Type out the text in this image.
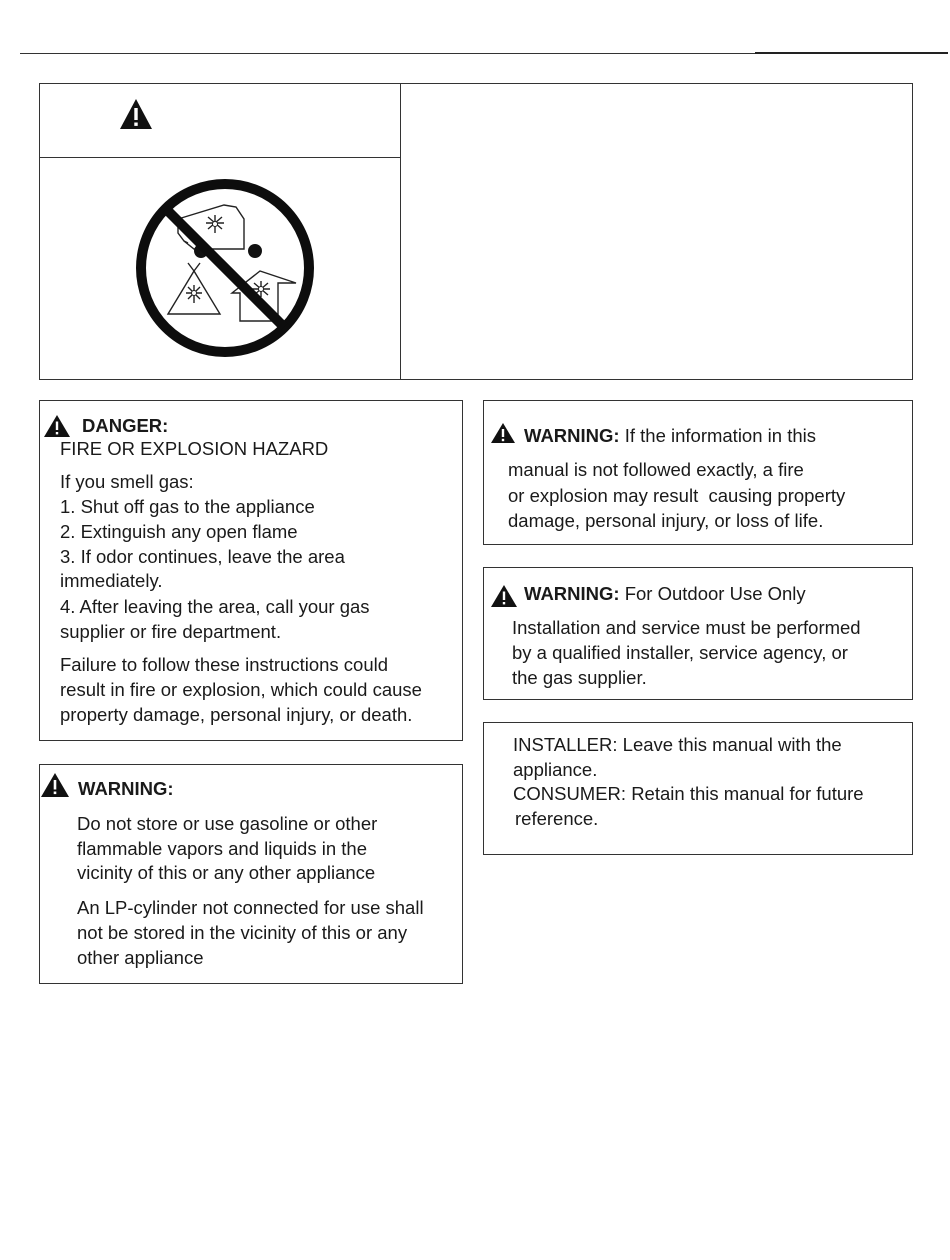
DANGER:
FIRE OR EXPLOSION HAZARD
If you smell gas:
1. Shut off gas to the appliance
2. Extinguish any open flame
3. If odor continues, leave the area
immediately.
4. After leaving the area, call your gas
supplier or fire department.
Failure to follow these instructions could
result in fire or explosion, which could cause
property damage, personal injury, or death.
WARNING:
Do not store or use gasoline or other
flammable vapors and liquids in the
vicinity of this or any other appliance
An LP-cylinder not connected for use shall
not be stored in the vicinity of this or any
other appliance
WARNING: If the information in this
manual is not followed exactly, a fire
or explosion may result  causing property
damage, personal injury, or loss of life.
WARNING: For Outdoor Use Only
Installation and service must be performed
by a qualified installer, service agency, or
the gas supplier.
INSTALLER: Leave this manual with the
appliance.
CONSUMER: Retain this manual for future
reference.
